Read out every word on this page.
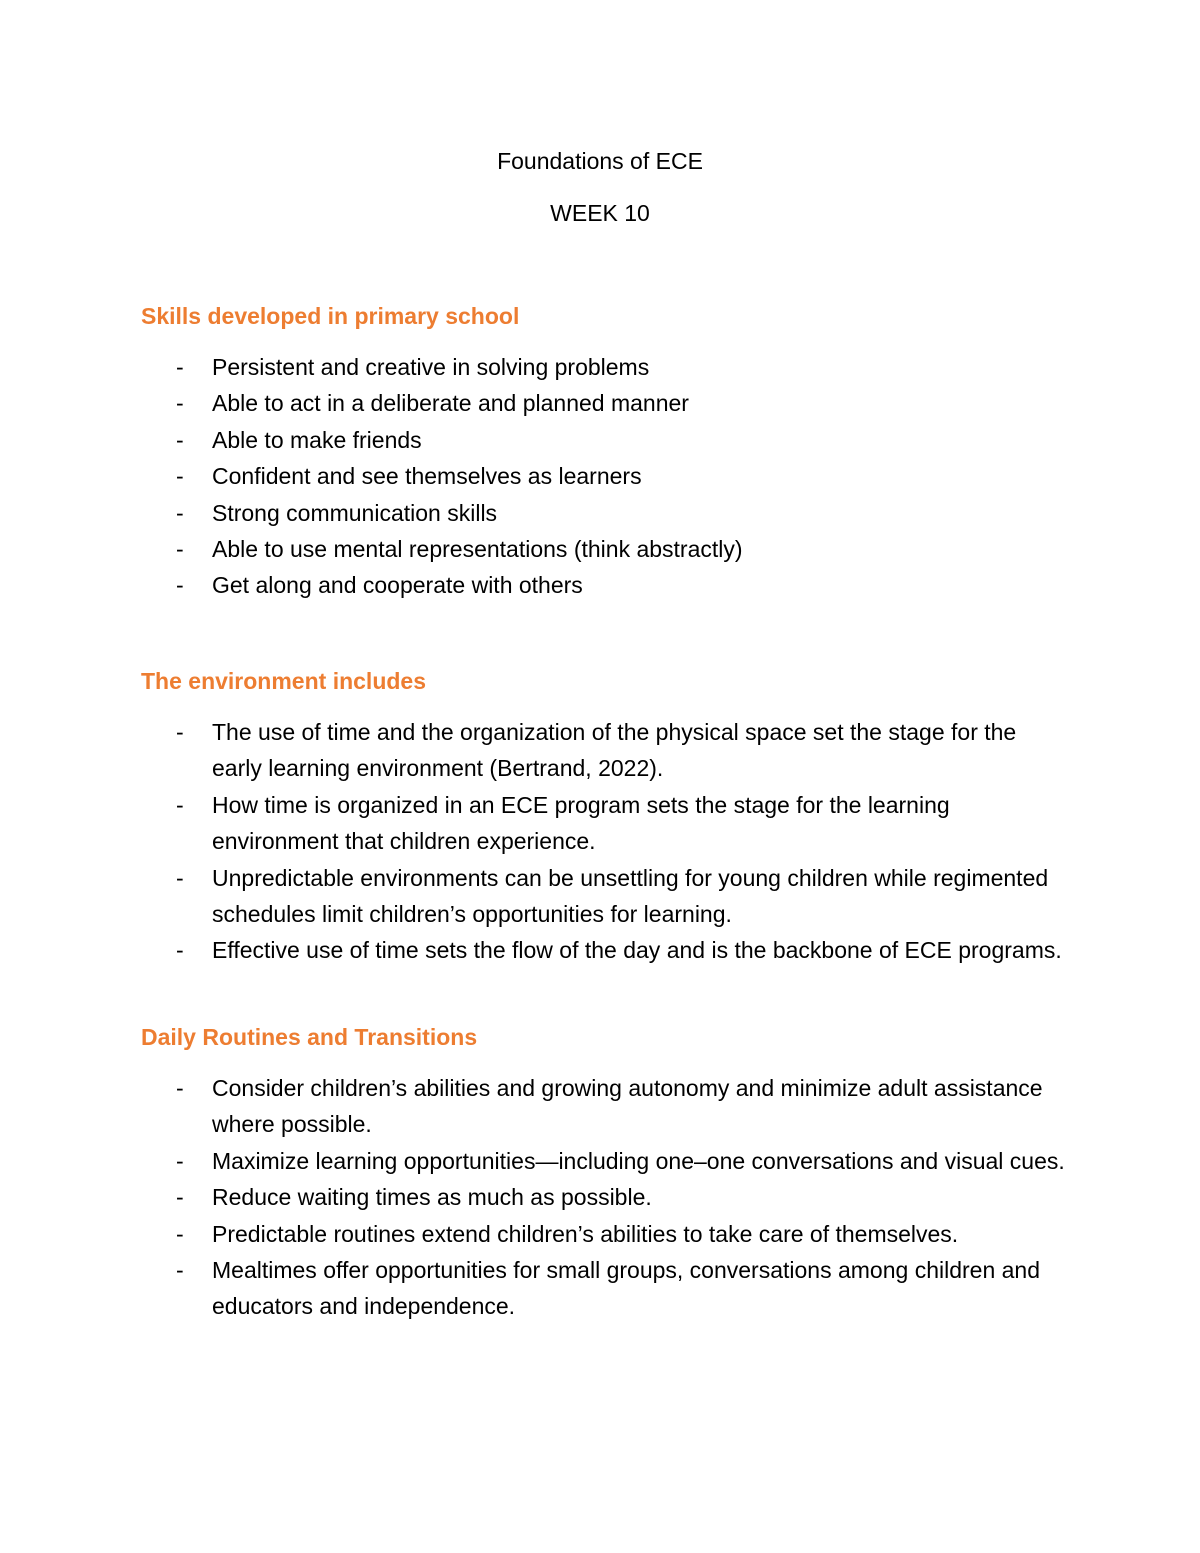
Foundations of ECE
WEEK 10
Skills developed in primary school
- Persistent and creative in solving problems
- Able to act in a deliberate and planned manner
- Able to make friends
- Confident and see themselves as learners
- Strong communication skills
- Able to use mental representations (think abstractly)
- Get along and cooperate with others
The environment includes
- The use of time and the organization of the physical space set the stage for the early learning environment (Bertrand, 2022).
- How time is organized in an ECE program sets the stage for the learning environment that children experience.
- Unpredictable environments can be unsettling for young children while regimented schedules limit children’s opportunities for learning.
- Effective use of time sets the flow of the day and is the backbone of ECE programs.
Daily Routines and Transitions
- Consider children’s abilities and growing autonomy and minimize adult assistance where possible.
- Maximize learning opportunities—including one–one conversations and visual cues.
- Reduce waiting times as much as possible.
- Predictable routines extend children’s abilities to take care of themselves.
- Mealtimes offer opportunities for small groups, conversations among children and educators and independence.
